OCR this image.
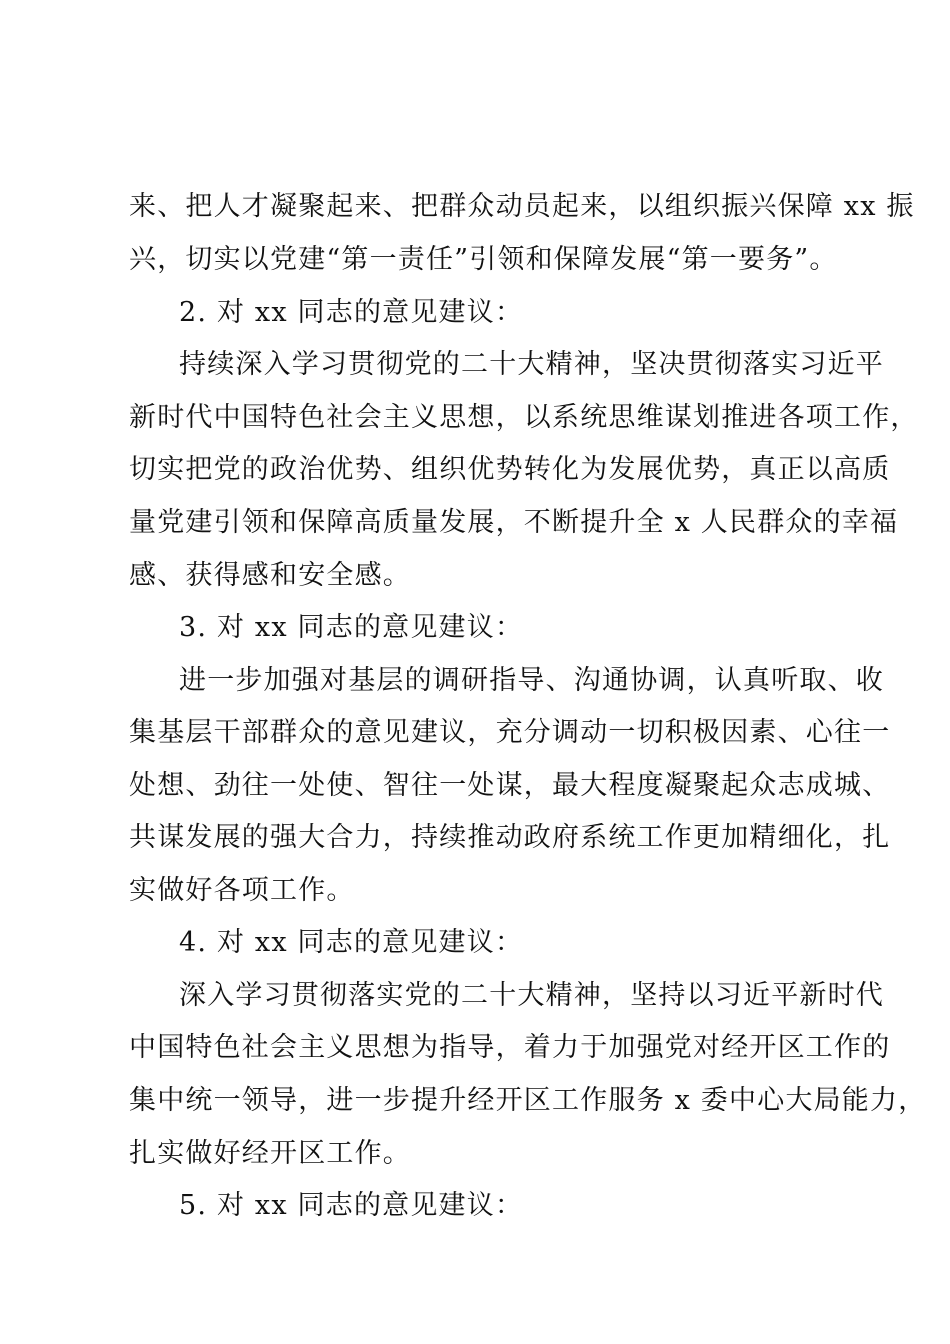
来、把人才凝聚起来、把群众动员起来，以组织振兴保障 xx 振

兴，切实以党建“第一责任”引领和保障发展“第一要务”。

2. 对 xx 同志的意见建议：

持续深入学习贯彻党的二十大精神，坚决贯彻落实习近平

新时代中国特色社会主义思想，以系统思维谋划推进各项工作，

切实把党的政治优势、组织优势转化为发展优势，真正以高质

量党建引领和保障高质量发展，不断提升全 x 人民群众的幸福

感、获得感和安全感。

3. 对 xx 同志的意见建议：

进一步加强对基层的调研指导、沟通协调，认真听取、收

集基层干部群众的意见建议，充分调动一切积极因素、心往一

处想、劲往一处使、智往一处谋，最大程度凝聚起众志成城、

共谋发展的强大合力，持续推动政府系统工作更加精细化，扎

实做好各项工作。

4. 对 xx 同志的意见建议：

深入学习贯彻落实党的二十大精神，坚持以习近平新时代

中国特色社会主义思想为指导，着力于加强党对经开区工作的

集中统一领导，进一步提升经开区工作服务 x 委中心大局能力，

扎实做好经开区工作。

5. 对 xx 同志的意见建议：
